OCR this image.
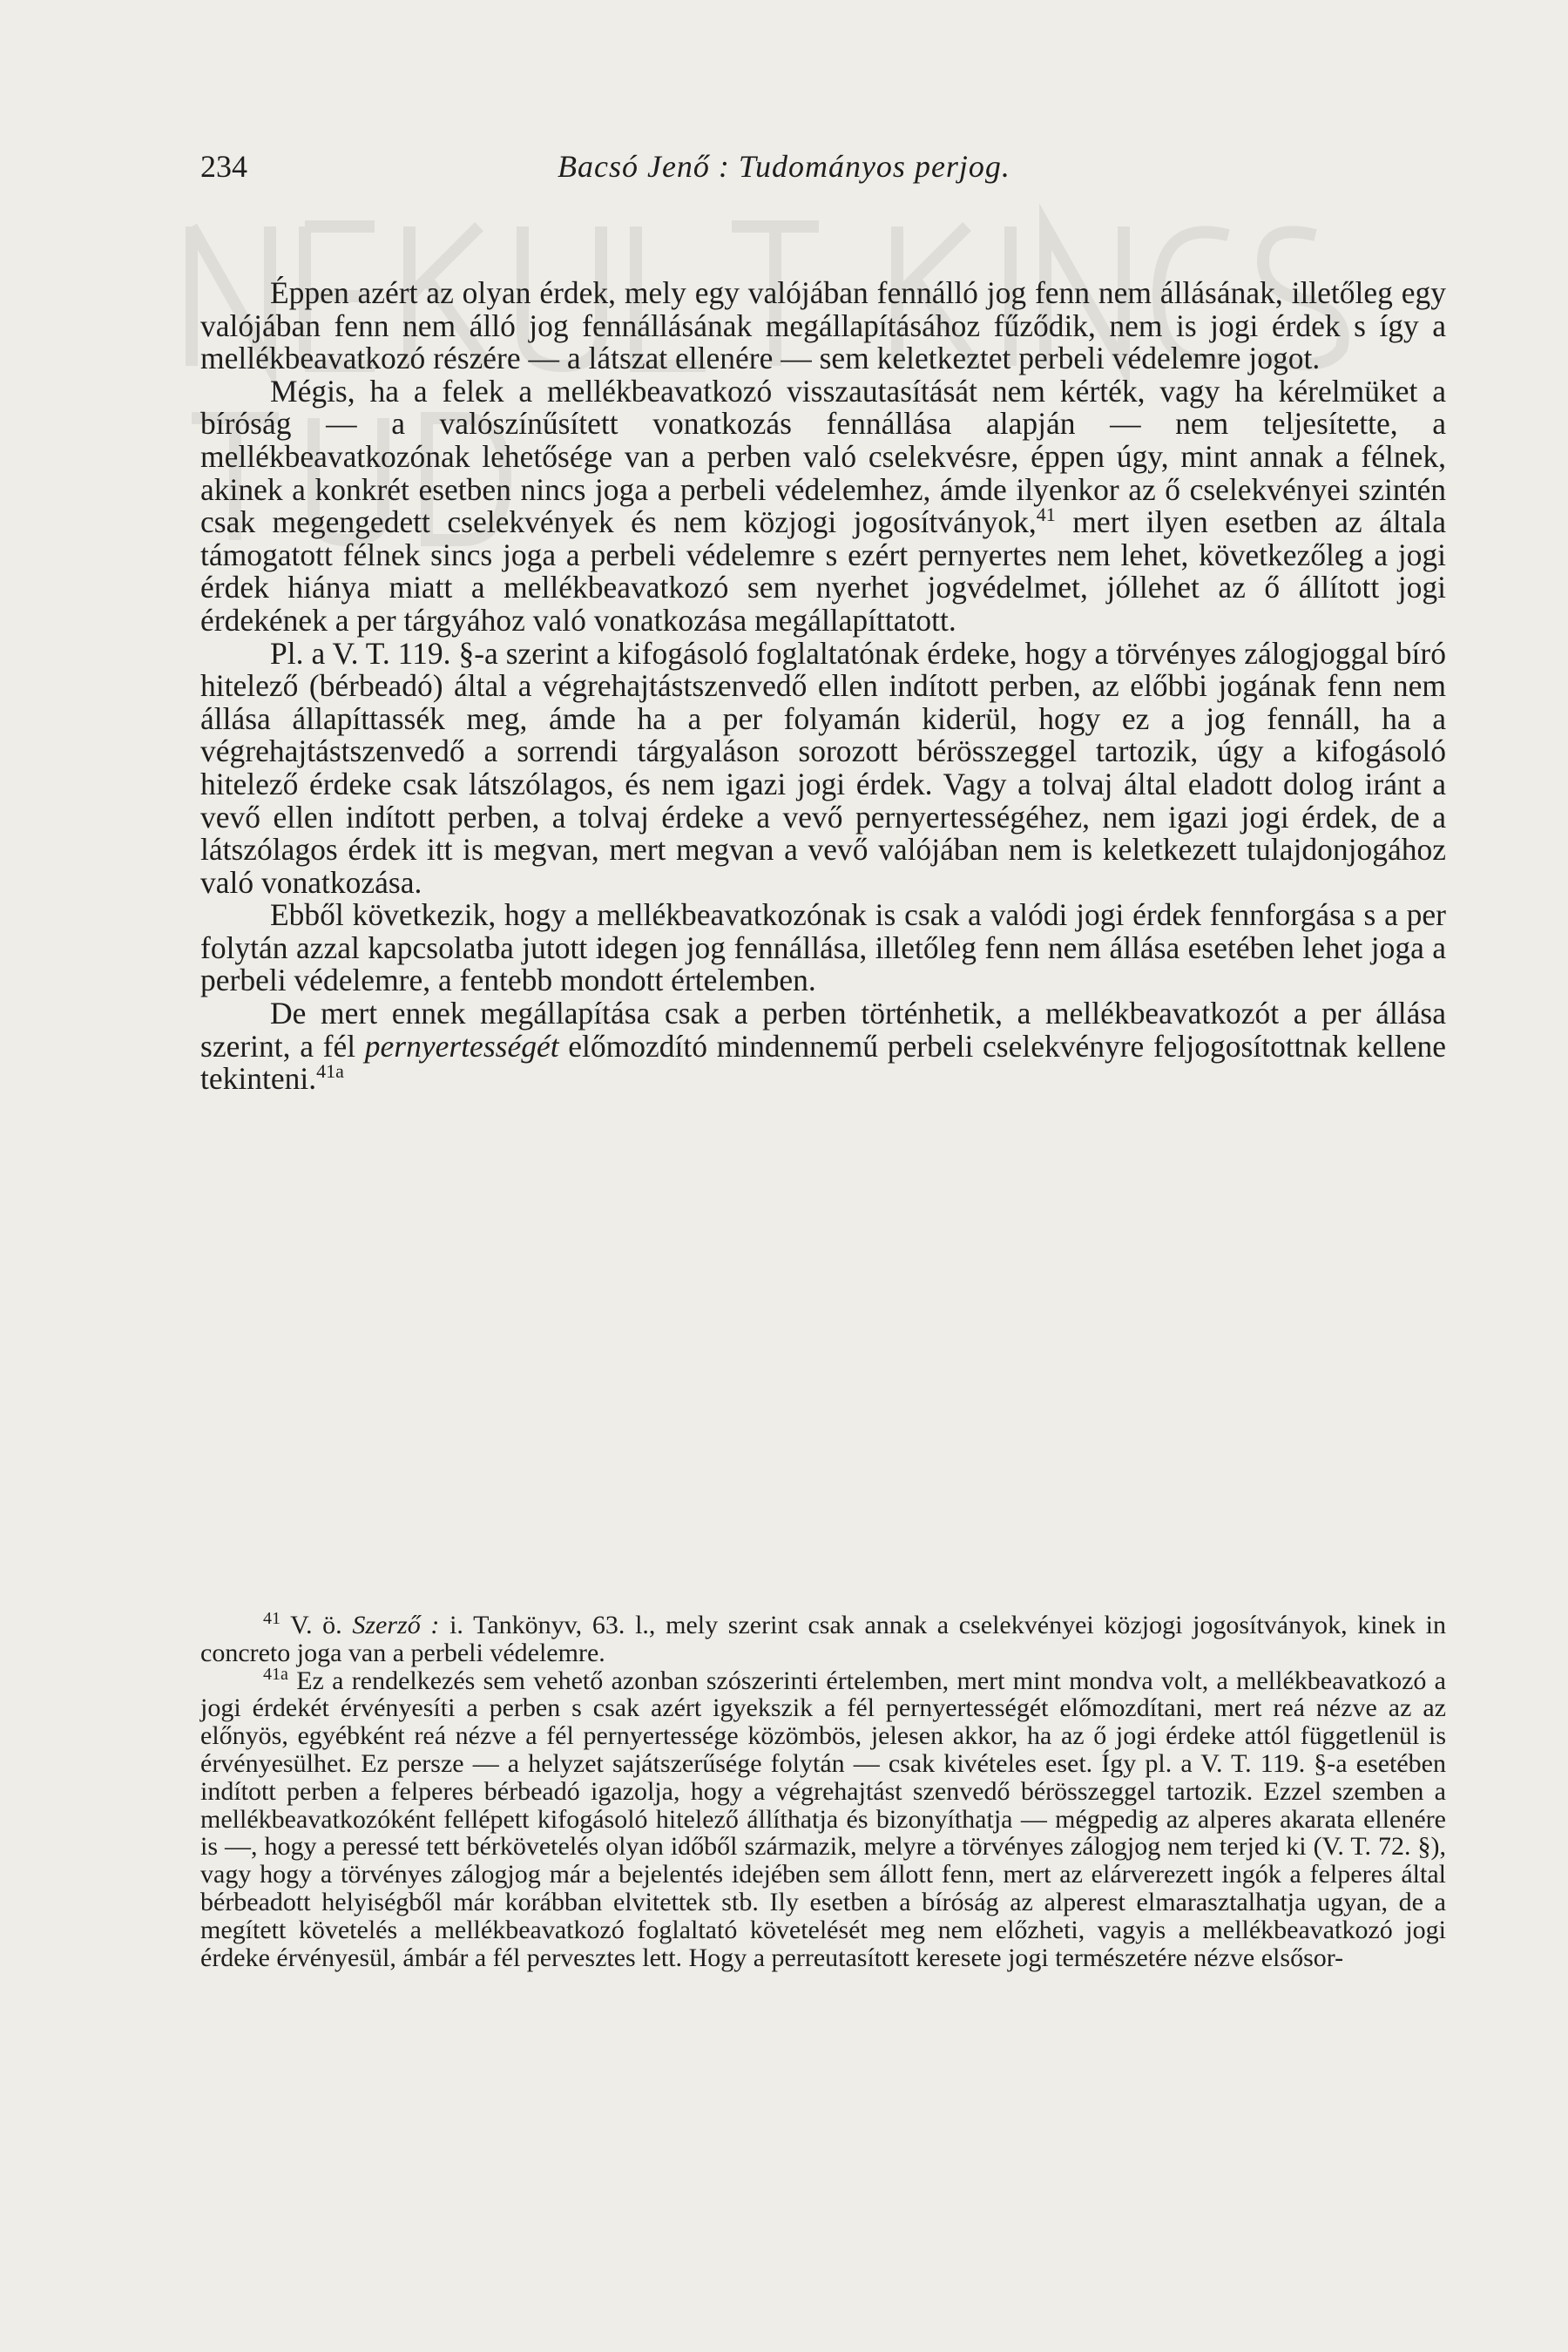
234	Bacsó Jenő : Tudományos perjog.

Éppen azért az olyan érdek, mely egy valójában fennálló jog fenn nem állásának, illetőleg egy valójában fenn nem álló jog fennállásának megállapításához fűződik, nem is jogi érdek s így a mellékbeavatkozó részére — a látszat ellenére — sem keletkeztet perbeli védelemre jogot.

Mégis, ha a felek a mellékbeavatkozó visszautasítását nem kérték, vagy ha kérelmüket a bíróság — a valószínűsített vonatkozás fennállása alapján — nem teljesítette, a mellékbeavatkozónak lehetősége van a perben való cselekvésre, éppen úgy, mint annak a félnek, akinek a konkrét esetben nincs joga a perbeli védelemhez, ámde ilyenkor az ő cselekvényei szintén csak megengedett cselekvények és nem közjogi jogosítványok,$^{41}$ mert ilyen esetben az általa támogatott félnek sincs joga a perbeli védelemre s ezért pernyertes nem lehet, következőleg a jogi érdek hiánya miatt a mellékbeavatkozó sem nyerhet jogvédelmet, jóllehet az ő állított jogi érdekének a per tárgyához való vonatkozása megállapíttatott.

Pl. a V. T. 119. §-a szerint a kifogásoló foglaltatónak érdeke, hogy a törvényes zálogjoggal bíró hitelező (bérbeadó) által a végrehajtástszenvedő ellen indított perben, az előbbi jogának fenn nem állása állapíttassék meg, ámde ha a per folyamán kiderül, hogy ez a jog fennáll, ha a végrehajtástszenvedő a sorrendi tárgyaláson sorozott bérösszeggel tartozik, úgy a kifogásoló hitelező érdeke csak látszólagos, és nem igazi jogi érdek. Vagy a tolvaj által eladott dolog iránt a vevő ellen indított perben, a tolvaj érdeke a vevő pernyertességéhez, nem igazi jogi érdek, de a látszólagos érdek itt is megvan, mert megvan a vevő valójában nem is keletkezett tulajdonjogához való vonatkozása.

Ebből következik, hogy a mellékbeavatkozónak is csak a valódi jogi érdek fennforgása s a per folytán azzal kapcsolatba jutott idegen jog fennállása, illetőleg fenn nem állása esetében lehet joga a perbeli védelemre, a fentebb mondott értelemben.

De mert ennek megállapítása csak a perben történhetik, a mellékbeavatkozót a per állása szerint, a fél pernyertességét előmozdító mindennemű perbeli cselekvényre feljogosítottnak kellene tekinteni.$^{41a}$

$^{41}$ V. ö. Szerző : i. Tankönyv, 63. l., mely szerint csak annak a cselekvényei közjogi jogosítványok, kinek in concreto joga van a perbeli védelemre.

$^{41a}$ Ez a rendelkezés sem vehető azonban szószerinti értelemben, mert mint mondva volt, a mellékbeavatkozó a jogi érdekét érvényesíti a perben s csak azért igyekszik a fél pernyertességét előmozdítani, mert reá nézve az az előnyös, egyébként reá nézve a fél pernyertessége közömbös, jelesen akkor, ha az ő jogi érdeke attól függetlenül is érvényesülhet. Ez persze — a helyzet sajátszerűsége folytán — csak kivételes eset. Így pl. a V. T. 119. §-a esetében indított perben a felperes bérbeadó igazolja, hogy a végrehajtást szenvedő bérösszeggel tartozik. Ezzel szemben a mellékbeavatkozóként fellépett kifogásoló hitelező állíthatja és bizonyíthatja — mégpedig az alperes akarata ellenére is —, hogy a peressé tett bérkövetelés olyan időből származik, melyre a törvényes zálogjog nem terjed ki (V. T. 72. §), vagy hogy a törvényes zálogjog már a bejelentés idejében sem állott fenn, mert az elárverezett ingók a felperes által bérbeadott helyiségből már korábban elvitettek stb. Ily esetben a bíróság az alperest elmarasztalhatja ugyan, de a megített követelés a mellékbeavatkozó foglaltató követelését meg nem előzheti, vagyis a mellékbeavatkozó jogi érdeke érvényesül, ámbár a fél pervesztes lett. Hogy a perreutasított keresete jogi természetére nézve elsősor-
